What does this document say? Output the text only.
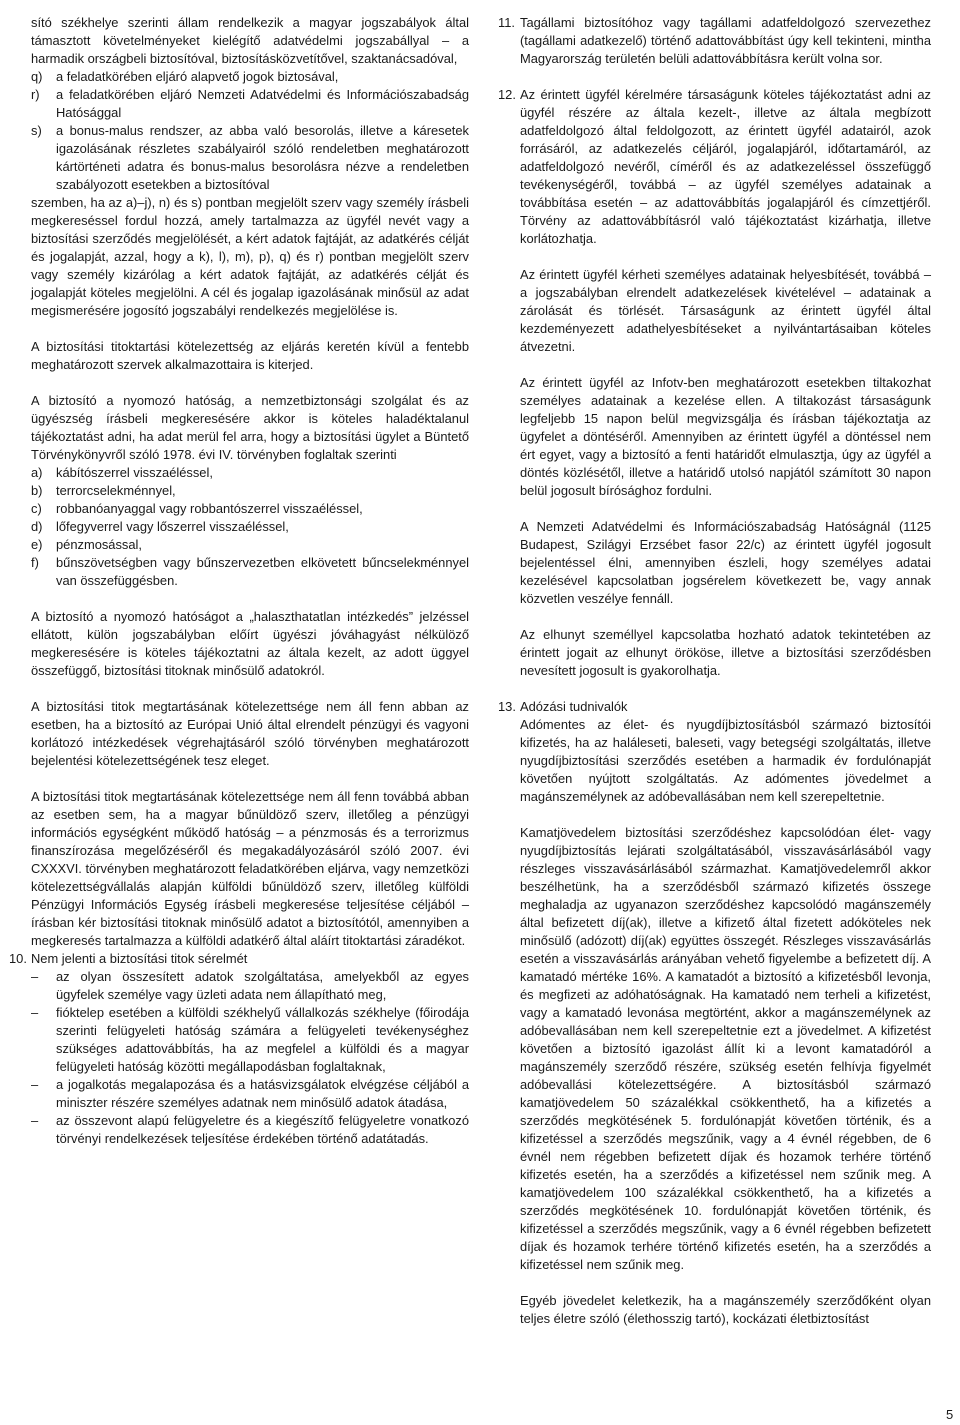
sító székhelye szerinti állam rendelkezik a magyar jogszabályok által támasztott követelményeket kielégítő adatvédelmi jogszabállyal – a harmadik országbeli biztosítóval, biztosításközvetítővel, szaktanácsadóval,

q) a feladatkörében eljáró alapvető jogok biztosával,
r) a feladatkörében eljáró Nemzeti Adatvédelmi és Információszabadság Hatósággal
s) a bonus-malus rendszer, az abba való besorolás, illetve a káresetek igazolásának részletes szabályairól szóló rendeletben meghatározott kártörténeti adatra és bonus-malus besorolásra nézve a rendeletben szabályozott esetekben a biztosítóval

szemben, ha az a)–j), n) és s) pontban megjelölt szerv vagy személy írásbeli megkereséssel fordul hozzá, amely tartalmazza az ügyfél nevét vagy a biztosítási szerződés megjelölését, a kért adatok fajtáját, az adatkérés célját és jogalapját, azzal, hogy a k), l), m), p), q) és r) pontban megjelölt szerv vagy személy kizárólag a kért adatok fajtáját, az adatkérés célját és jogalapját köteles megjelölni. A cél és jogalap igazolásának minősül az adat megismerésére jogosító jogszabályi rendelkezés megjelölése is.

A biztosítási titoktartási kötelezettség az eljárás keretén kívül a fentebb meghatározott szervek alkalmazottaira is kiterjed.

A biztosító a nyomozó hatóság, a nemzetbiztonsági szolgálat és az ügyészség írásbeli megkeresésére akkor is köteles haladéktalanul tájékoztatást adni, ha adat merül fel arra, hogy a biztosítási ügylet a Büntető Törvénykönyvről szóló 1978. évi IV. törvényben foglaltak szerinti

a) kábítószerrel visszaéléssel,
b) terrorcselekménnyel,
c) robbanóanyaggal vagy robbantószerrel visszaéléssel,
d) lőfegyverrel vagy lőszerrel visszaéléssel,
e) pénzmosással,
f) bűnszövetségben vagy bűnszervezetben elkövetett bűncselekménnyel van összefüggésben.

A biztosító a nyomozó hatóságot a „halaszthatatlan intézkedés” jelzéssel ellátott, külön jogszabályban előírt ügyészi jóváhagyást nélkülöző megkeresésére is köteles tájékoztatni az általa kezelt, az adott üggyel összefüggő, biztosítási titoknak minősülő adatokról.

A biztosítási titok megtartásának kötelezettsége nem áll fenn abban az esetben, ha a biztosító az Európai Unió által elrendelt pénzügyi és vagyoni korlátozó intézkedések végrehajtásáról szóló törvényben meghatározott bejelentési kötelezettségének tesz eleget.

A biztosítási titok megtartásának kötelezettsége nem áll fenn továbbá abban az esetben sem, ha a magyar bűnüldöző szerv, illetőleg a pénzügyi információs egységként működő hatóság – a pénzmosás és a terrorizmus finanszírozása megelőzéséről és megakadályozásáról szóló 2007. évi CXXXVI. törvényben meghatározott feladatkörében eljárva, vagy nemzetközi kötelezettségvállalás alapján külföldi bűnüldöző szerv, illetőleg külföldi Pénzügyi Információs Egység írásbeli megkeresése teljesítése céljából – írásban kér biztosítási titoknak minősülő adatot a biztosítótól, amennyiben a megkeresés tartalmazza a külföldi adatkérő által aláírt titoktartási záradékot.

10. Nem jelenti a biztosítási titok sérelmét

– az olyan összesített adatok szolgáltatása, amelyekből az egyes ügyfelek személye vagy üzleti adata nem állapítható meg,
– fióktelep esetében a külföldi székhelyű vállalkozás székhelye (főirodája szerinti felügyeleti hatóság számára a felügyeleti tevékenységhez szükséges adattovábbítás, ha az megfelel a külföldi és a magyar felügyeleti hatóság közötti megállapodásban foglaltaknak,
– a jogalkotás megalapozása és a hatásvizsgálatok elvégzése céljából a miniszter részére személyes adatnak nem minősülő adatok átadása,
– az összevont alapú felügyeletre és a kiegészítő felügyeletre vonatkozó törvényi rendelkezések teljesítése érdekében történő adatátadás.
11. Tagállami biztosítóhoz vagy tagállami adatfeldolgozó szervezethez (tagállami adatkezelő) történő adattovábbítást úgy kell tekinteni, mintha Magyarország területén belüli adattovábbításra került volna sor.

12. Az érintett ügyfél kérelmére társaságunk köteles tájékoztatást adni az ügyfél részére az általa kezelt-, illetve az általa megbízott adatfeldolgozó által feldolgozott, az érintett ügyfél adatairól, azok forrásáról, az adatkezelés céljáról, jogalapjáról, időtartamáról, az adatfeldolgozó nevéről, címéről és az adatkezeléssel összefüggő tevékenységéről, továbbá – az ügyfél személyes adatainak a továbbítása esetén – az adattovábbítás jogalapjáról és címzettjéről. Törvény az adattovábbításról való tájékoztatást kizárhatja, illetve korlátozhatja.

Az érintett ügyfél kérheti személyes adatainak helyesbítését, továbbá – a jogszabályban elrendelt adatkezelések kivételével – adatainak a zárolását és törlését. Társaságunk az érintett ügyfél által kezdeményezett adathelyesbítéseket a nyilvántartásaiban köteles átvezetni.

Az érintett ügyfél az Infotv-ben meghatározott esetekben tiltakozhat személyes adatainak a kezelése ellen. A tiltakozást társaságunk legfeljebb 15 napon belül megvizsgálja és írásban tájékoztatja az ügyfelet a döntéséről. Amennyiben az érintett ügyfél a döntéssel nem ért egyet, vagy a biztosító a fenti határidőt elmulasztja, úgy az ügyfél a döntés közlésétől, illetve a határidő utolsó napjától számított 30 napon belül jogosult bírósághoz fordulni.

A Nemzeti Adatvédelmi és Információszabadság Hatóságnál (1125 Budapest, Szilágyi Erzsébet fasor 22/c) az érintett ügyfél jogosult bejelentéssel élni, amennyiben észleli, hogy személyes adatai kezelésével kapcsolatban jogsérelem következett be, vagy annak közvetlen veszélye fennáll.

Az elhunyt személlyel kapcsolatba hozható adatok tekintetében az érintett jogait az elhunyt örököse, illetve a biztosítási szerződésben nevesített jogosult is gyakorolhatja.

13. Adózási tudnivalók

Adómentes az élet- és nyugdíjbiztosításból származó biztosítói kifizetés, ha az haláleseti, baleseti, vagy betegségi szolgáltatás, illetve nyugdíjbiztosítási szerződés esetében a harmadik év fordulónapját követően nyújtott szolgáltatás. Az adómentes jövedelmet a magánszemélynek az adóbevallásában nem kell szerepeltetnie.

Kamatjövedelem biztosítási szerződéshez kapcsolódóan élet- vagy nyugdíjbiztosítás lejárati szolgáltatásából, visszavásárlásából vagy részleges visszavásárlásából származhat. Kamatjövedelemről akkor beszélhetünk, ha a szerződésből származó kifizetés összege meghaladja az ugyanazon szerződéshez kapcsolódó magánszemély által befizetett díj(ak), illetve a kifizető által fizetett adóköteles nek minősülő (adózott) díj(ak) együttes összegét. Részleges visszavásárlás esetén a visszavásárlás arányában vehető figyelembe a befizetett díj. A kamatadó mértéke 16%. A kamatadót a biztosító a kifizetésből levonja, és megfizeti az adóhatóságnak. Ha kamatadó nem terheli a kifizetést, vagy a kamatadó levonása megtörtént, akkor a magánszemélynek az adóbevallásában nem kell szerepeltetnie ezt a jövedelmet. A kifizetést követően a biztosító igazolást állít ki a levont kamatadóról a magánszemély szerződő részére, szükség esetén felhívja figyelmét adóbevallási kötelezettségére. A biztosításból származó kamatjövedelem 50 százalékkal csökkenthető, ha a kifizetés a szerződés megkötésének 5. fordulónapját követően történik, és a kifizetéssel a szerződés megszűnik, vagy a 4 évnél régebben, de 6 évnél nem régebben befizetett díjak és hozamok terhére történő kifizetés esetén, ha a szerződés a kifizetéssel nem szűnik meg. A kamatjövedelem 100 százalékkal csökkenthető, ha a kifizetés a szerződés megkötésének 10. fordulónapját követően történik, és kifizetéssel a szerződés megszűnik, vagy a 6 évnél régebben befizetett díjak és hozamok terhére történő kifizetés esetén, ha a szerződés a kifizetéssel nem szűnik meg.

Egyéb jövedelet keletkezik, ha a magánszemély szerződőként olyan teljes életre szóló (élethosszig tartó), kockázati életbiztosítást

5
